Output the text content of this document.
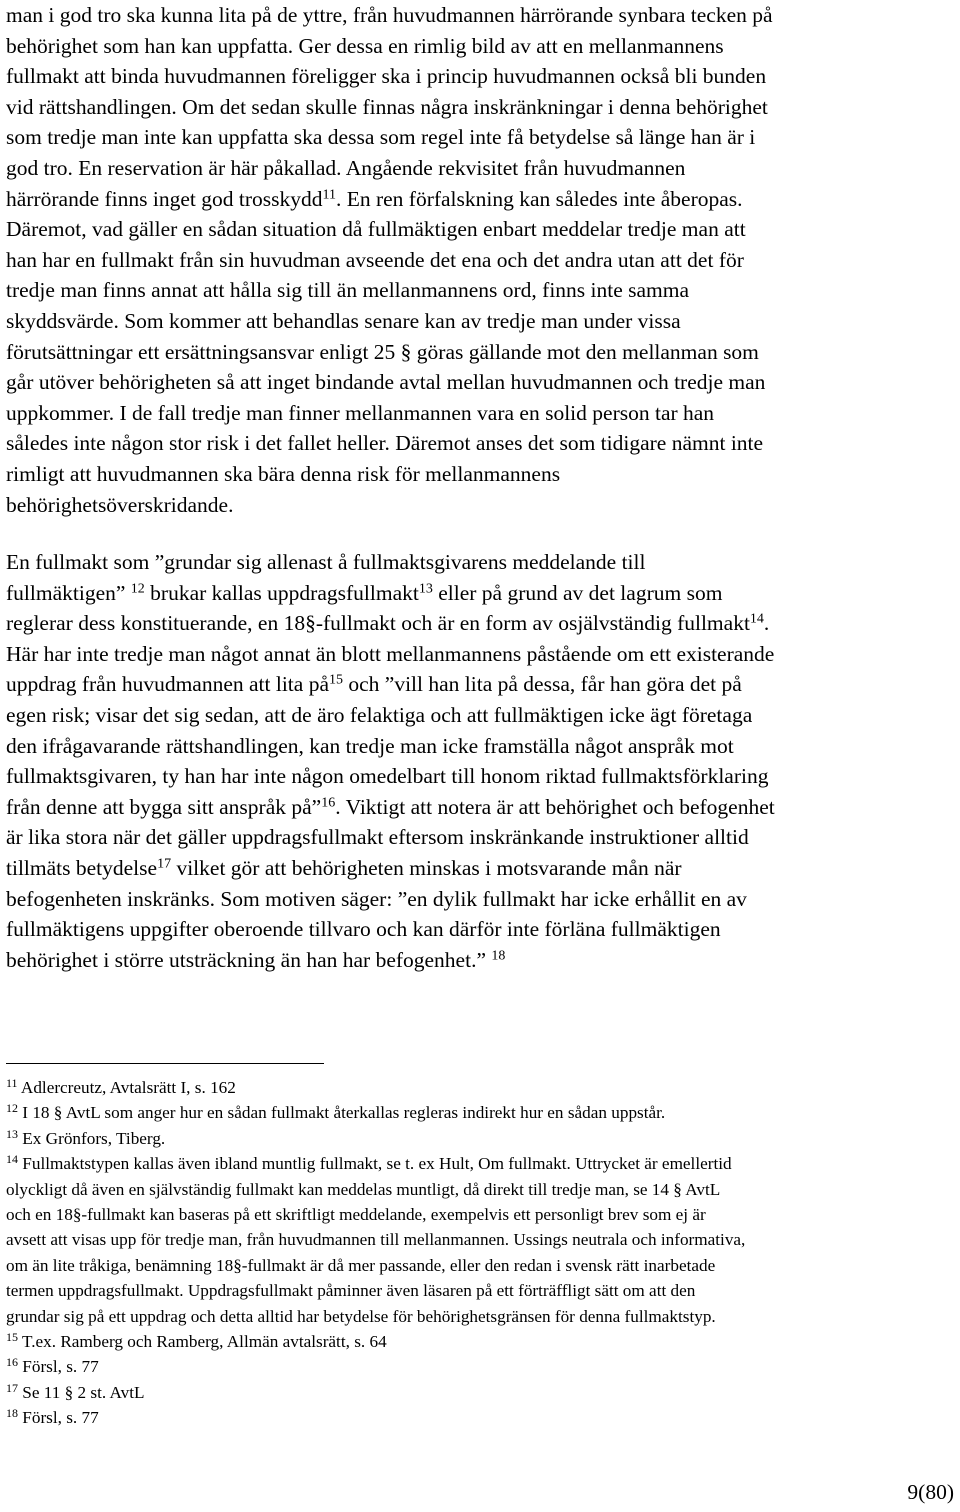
man i god tro ska kunna lita på de yttre, från huvudmannen härrörande synbara tecken på
behörighet som han kan uppfatta. Ger dessa en rimlig bild av att en mellanmannens
fullmakt att binda huvudmannen föreligger ska i princip huvudmannen också bli bunden
vid rättshandlingen. Om det sedan skulle finnas några inskränkningar i denna behörighet
som tredje man inte kan uppfatta ska dessa som regel inte få betydelse så länge han är i
god tro. En reservation är här påkallad. Angående rekvisitet från huvudmannen
härrörande finns inget god trosskydd$^{11}$. En ren förfalskning kan således inte åberopas.
Däremot, vad gäller en sådan situation då fullmäktigen enbart meddelar tredje man att
han har en fullmakt från sin huvudman avseende det ena och det andra utan att det för
tredje man finns annat att hålla sig till än mellanmannens ord, finns inte samma
skyddsvärde. Som kommer att behandlas senare kan av tredje man under vissa
förutsättningar ett ersättningsansvar enligt 25 § göras gällande mot den mellanman som
går utöver behörigheten så att inget bindande avtal mellan huvudmannen och tredje man
uppkommer. I de fall tredje man finner mellanmannen vara en solid person tar han
således inte någon stor risk i det fallet heller. Däremot anses det som tidigare nämnt inte
rimligt att huvudmannen ska bära denna risk för mellanmannens
behörighetsöverskridande.
En fullmakt som ”grundar sig allenast å fullmaktsgivarens meddelande till
fullmäktigen” $^{12}$ brukar kallas uppdragsfullmakt$^{13}$ eller på grund av det lagrum som
reglerar dess konstituerande, en 18§-fullmakt och är en form av osjälvständig fullmakt$^{14}$.
Här har inte tredje man något annat än blott mellanmannens påstående om ett existerande
uppdrag från huvudmannen att lita $på^{15}$ och ”vill han lita på dessa, får han göra det på
egen risk; visar det sig sedan, att de äro felaktiga och att fullmäktigen icke ägt företaga
den ifrågavarande rättshandlingen, kan tredje man icke framställa något anspråk mot
fullmaktsgivaren, ty han har inte någon omedelbart till honom riktad fullmaktsförklaring
från denne att bygga sitt anspråk på”$^{16}$. Viktigt att notera är att behörighet och befogenhet
är lika stora när det gäller uppdragsfullmakt eftersom inskränkande instruktioner alltid
tillmäts betydelse$^{17}$ vilket gör att behörigheten minskas i motsvarande mån när
befogenheten inskränks. Som motiven säger: ”en dylik fullmakt har icke erhållit en av
fullmäktigens uppgifter oberoende tillvaro och kan därför inte förläna fullmäktigen
behörighet i större utsträckning än han har befogenhet.” $^{18}$
$^{11}$ Adlercreutz, Avtalsrätt I, s. 162
$^{12}$ I 18 § AvtL som anger hur en sådan fullmakt återkallas regleras indirekt hur en sådan uppstår.
$^{13}$ Ex Grönfors, Tiberg.
$^{14}$ Fullmaktstypen kallas även ibland muntlig fullmakt, se t. ex Hult, Om fullmakt. Uttrycket är emellertid
olyckligt då även en självständig fullmakt kan meddelas muntligt, då direkt till tredje man, se 14 § AvtL
och en 18§-fullmakt kan baseras på ett skriftligt meddelande, exempelvis ett personligt brev som ej är
avsett att visas upp för tredje man, från huvudmannen till mellanmannen. Ussings neutrala och informativa,
om än lite tråkiga, benämning 18§-fullmakt är då mer passande, eller den redan i svensk rätt inarbetade
termen uppdragsfullmakt. Uppdragsfullmakt påminner även läsaren på ett förträffligt sätt om att den
grundar sig på ett uppdrag och detta alltid har betydelse för behörighetsgränsen för denna fullmaktstyp.
$^{15}$ T.ex. Ramberg och Ramberg, Allmän avtalsrätt, s. 64
$^{16}$ Försl, s. 77
$^{17}$ Se 11 § 2 st. AvtL
$^{18}$ Försl, s. 77
9(80)
